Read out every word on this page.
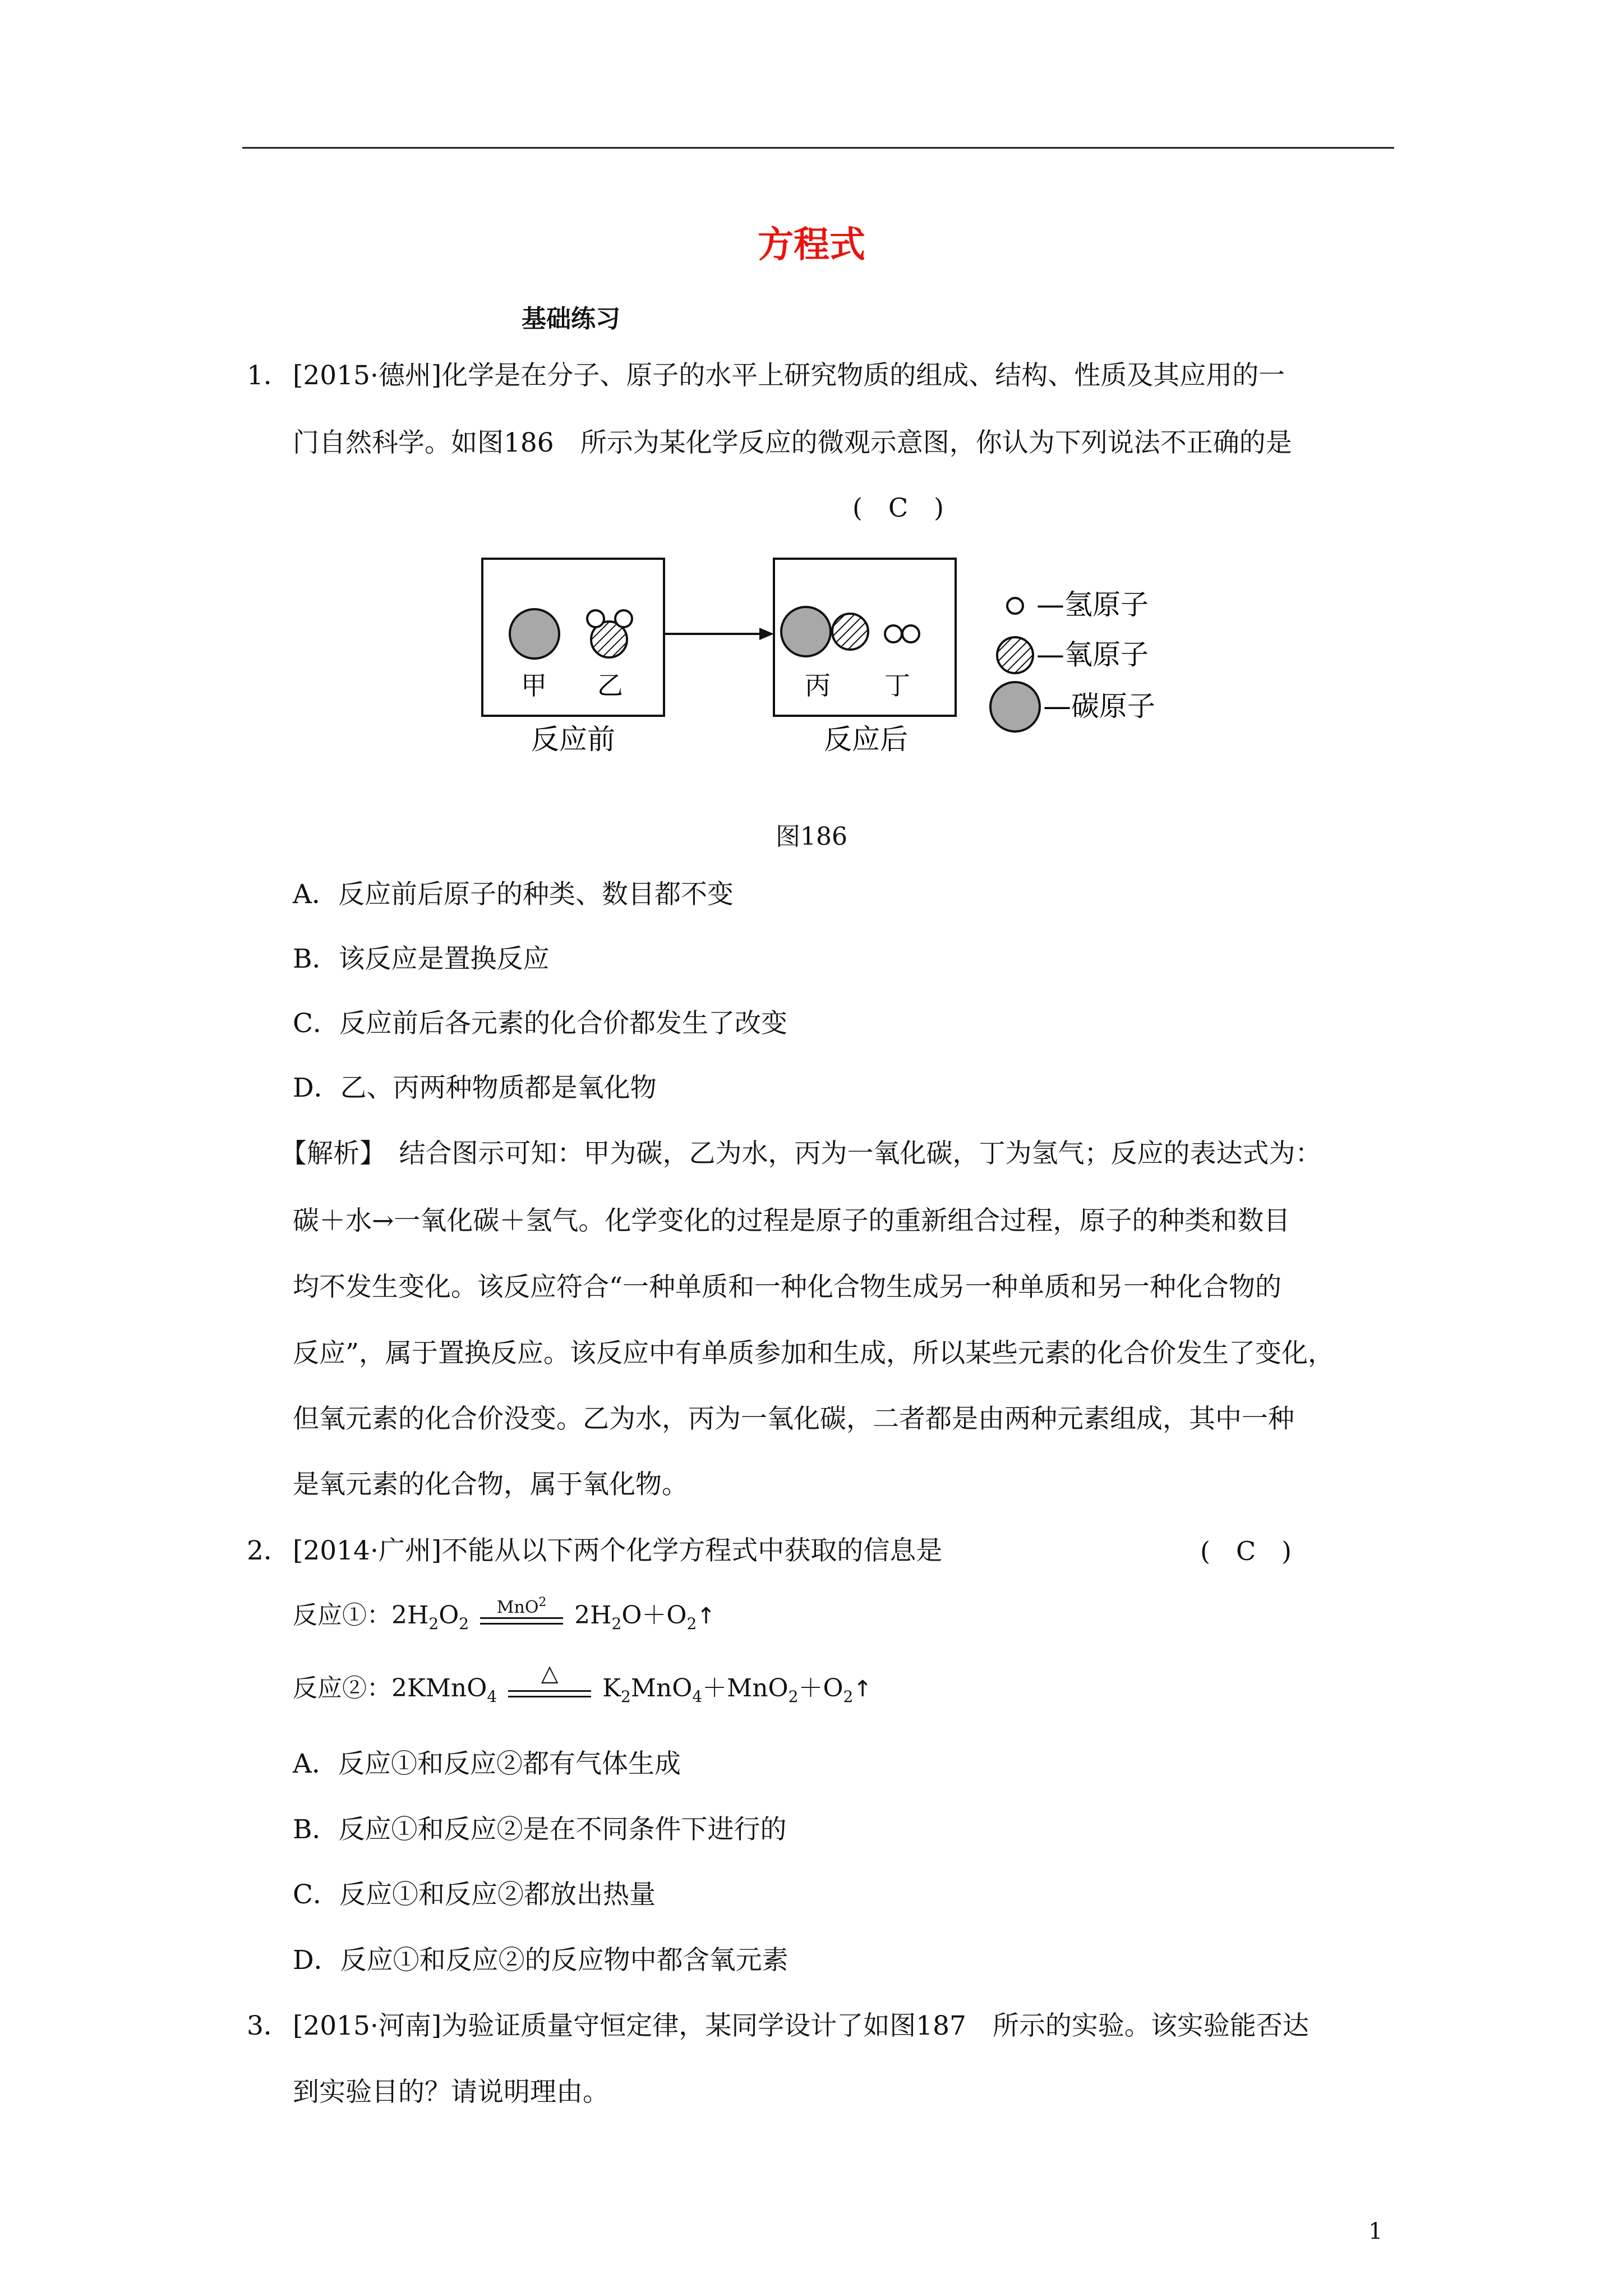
方程式
基础练习
1． [2015·德州]化学是在分子、原子的水平上研究物质的组成、结构、性质及其应用的一
门自然科学。如图186　所示为某化学反应的微观示意图，你认为下列说法不正确的是
(　C　)
甲 乙
反应前
丙 丁
反应后
—氢原子
—氧原子
—碳原子
图186
A．反应前后原子的种类、数目都不变
B．该反应是置换反应
C．反应前后各元素的化合价都发生了改变
D．乙、丙两种物质都是氧化物
【解析】　结合图示可知：甲为碳，乙为水，丙为一氧化碳，丁为氢气；反应的表达式为：
碳＋水→一氧化碳＋氢气。化学变化的过程是原子的重新组合过程，原子的种类和数目
均不发生变化。该反应符合“一种单质和一种化合物生成另一种单质和另一种化合物的
反应”，属于置换反应。该反应中有单质参加和生成，所以某些元素的化合价发生了变化，
但氧元素的化合价没变。乙为水，丙为一氧化碳，二者都是由两种元素组成，其中一种
是氧元素的化合物，属于氧化物。
2． [2014·广州]不能从以下两个化学方程式中获取的信息是	(　C　)
反应①：$2H_2O_2$
MnO$^2$	$2H_2O+O_2↑$
反应②：2KMnO$_4$
△
$K_2MnO_4+MnO_2+O_2↑$
A．反应①和反应②都有气体生成
B．反应①和反应②是在不同条件下进行的
C．反应①和反应②都放出热量
D．反应①和反应②的反应物中都含氧元素
3． [2015·河南]为验证质量守恒定律，某同学设计了如图187　所示的实验。该实验能否达
到实验目的？请说明理由。
1
